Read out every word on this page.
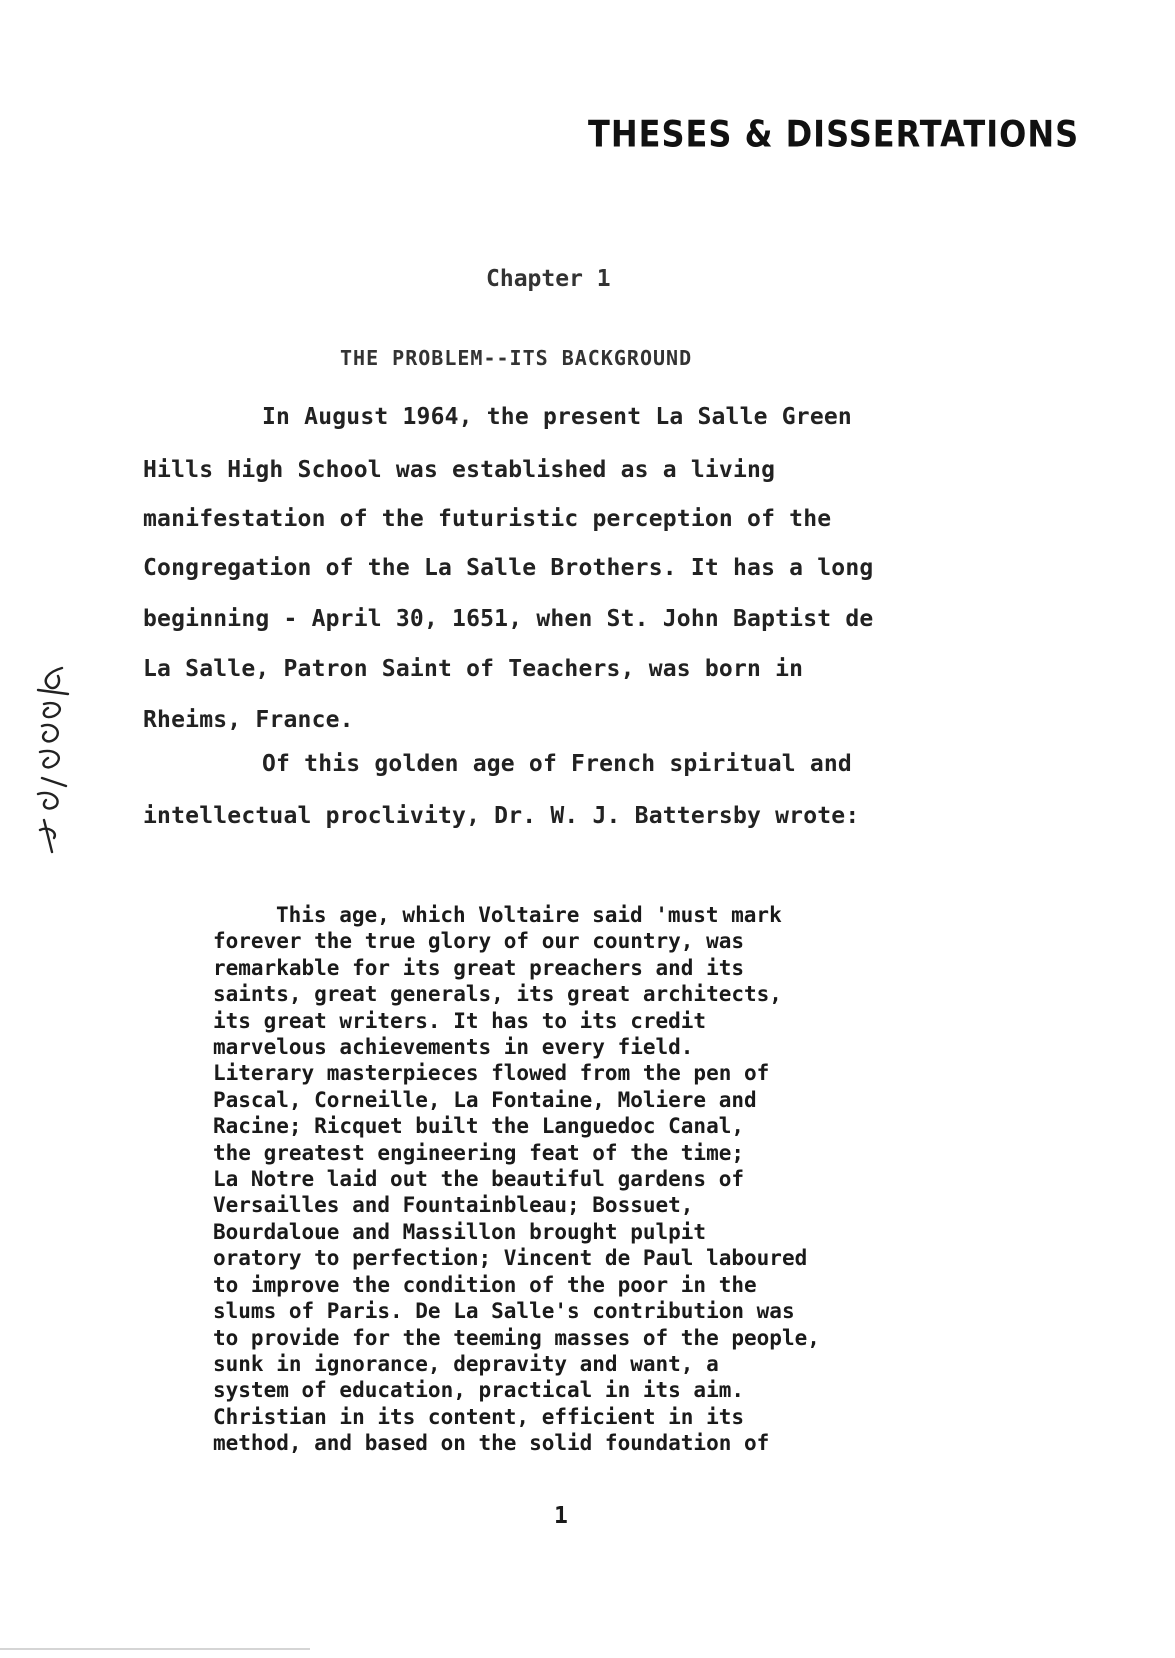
THESES & DISSERTATIONS
Chapter 1
THE PROBLEM--ITS BACKGROUND
In August 1964, the present La Salle Green
Hills High School was established as a living
manifestation of the futuristic perception of the
Congregation of the La Salle Brothers. It has a long
beginning - April 30, 1651, when St. John Baptist de
La Salle, Patron Saint of Teachers, was born in
Rheims, France.
Of this golden age of French spiritual and
intellectual proclivity, Dr. W. J. Battersby wrote:
This age, which Voltaire said 'must mark
forever the true glory of our country, was
remarkable for its great preachers and its
saints, great generals, its great architects,
its great writers. It has to its credit
marvelous achievements in every field.
Literary masterpieces flowed from the pen of
Pascal, Corneille, La Fontaine, Moliere and
Racine; Ricquet built the Languedoc Canal,
the greatest engineering feat of the time;
La Notre laid out the beautiful gardens of
Versailles and Fountainbleau; Bossuet,
Bourdaloue and Massillon brought pulpit
oratory to perfection; Vincent de Paul laboured
to improve the condition of the poor in the
slums of Paris. De La Salle's contribution was
to provide for the teeming masses of the people,
sunk in ignorance, depravity and want, a
system of education, practical in its aim.
Christian in its content, efficient in its
method, and based on the solid foundation of
1
